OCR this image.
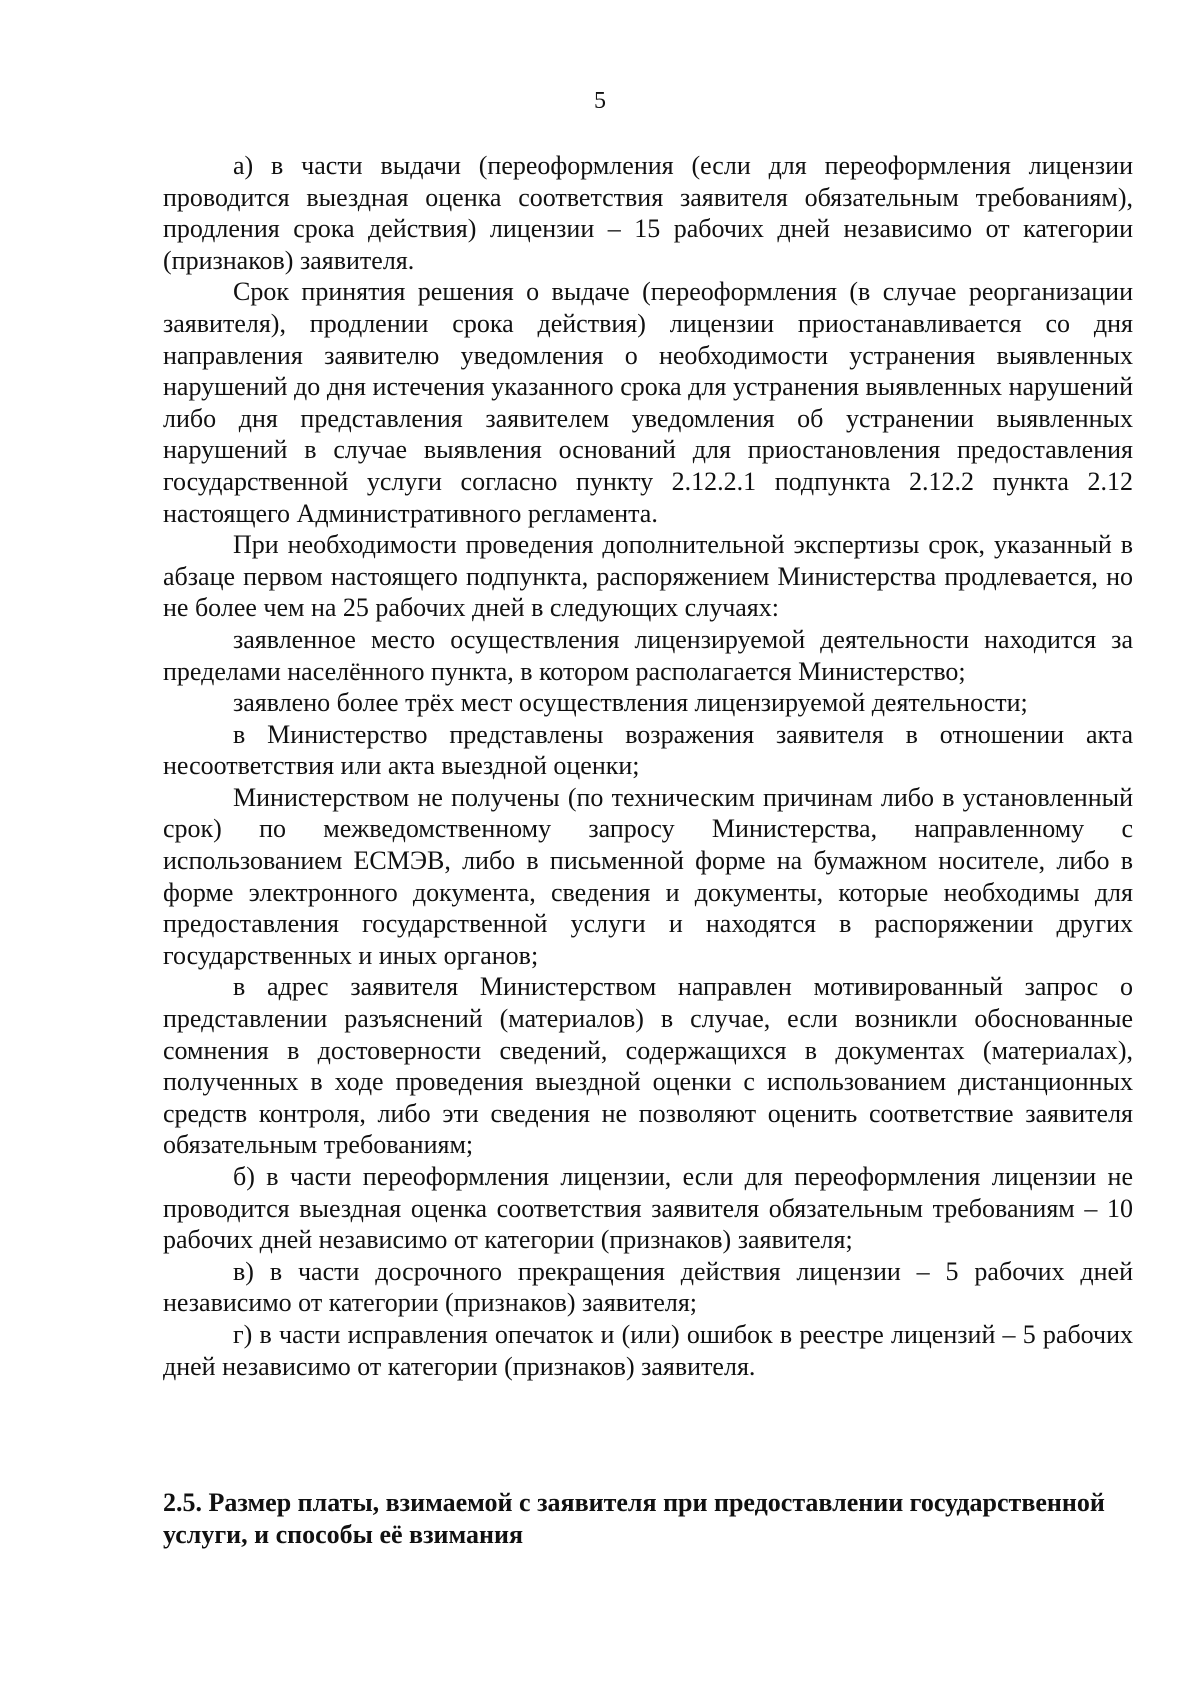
5

а) в части выдачи (переоформления (если для переоформления лицензии проводится выездная оценка соответствия заявителя обязательным требованиям), продления срока действия) лицензии – 15 рабочих дней независимо от категории (признаков) заявителя.

Срок принятия решения о выдаче (переоформления (в случае реорганизации заявителя), продлении срока действия) лицензии приостанавливается со дня направления заявителю уведомления о необходимости устранения выявленных нарушений до дня истечения указанного срока для устранения выявленных нарушений либо дня представления заявителем уведомления об устранении выявленных нарушений в случае выявления оснований для приостановления предоставления государственной услуги согласно пункту 2.12.2.1 подпункта 2.12.2 пункта 2.12 настоящего Административного регламента.

При необходимости проведения дополнительной экспертизы срок, указанный в абзаце первом настоящего подпункта, распоряжением Министерства продлевается, но не более чем на 25 рабочих дней в следующих случаях:

заявленное место осуществления лицензируемой деятельности находится за пределами населённого пункта, в котором располагается Министерство;

заявлено более трёх мест осуществления лицензируемой деятельности;

в Министерство представлены возражения заявителя в отношении акта несоответствия или акта выездной оценки;

Министерством не получены (по техническим причинам либо в установленный срок) по межведомственному запросу Министерства, направленному с использованием ЕСМЭВ, либо в письменной форме на бумажном носителе, либо в форме электронного документа, сведения и документы, которые необходимы для предоставления государственной услуги и находятся в распоряжении других государственных и иных органов;

в адрес заявителя Министерством направлен мотивированный запрос о представлении разъяснений (материалов) в случае, если возникли обоснованные сомнения в достоверности сведений, содержащихся в документах (материалах), полученных в ходе проведения выездной оценки с использованием дистанционных средств контроля, либо эти сведения не позволяют оценить соответствие заявителя обязательным требованиям;

б) в части переоформления лицензии, если для переоформления лицензии не проводится выездная оценка соответствия заявителя обязательным требованиям – 10 рабочих дней независимо от категории (признаков) заявителя;

в) в части досрочного прекращения действия лицензии – 5 рабочих дней независимо от категории (признаков) заявителя;

г) в части исправления опечаток и (или) ошибок в реестре лицензий – 5 рабочих дней независимо от категории (признаков) заявителя.

2.5. Размер платы, взимаемой с заявителя при предоставлении государственной услуги, и способы её взимания
